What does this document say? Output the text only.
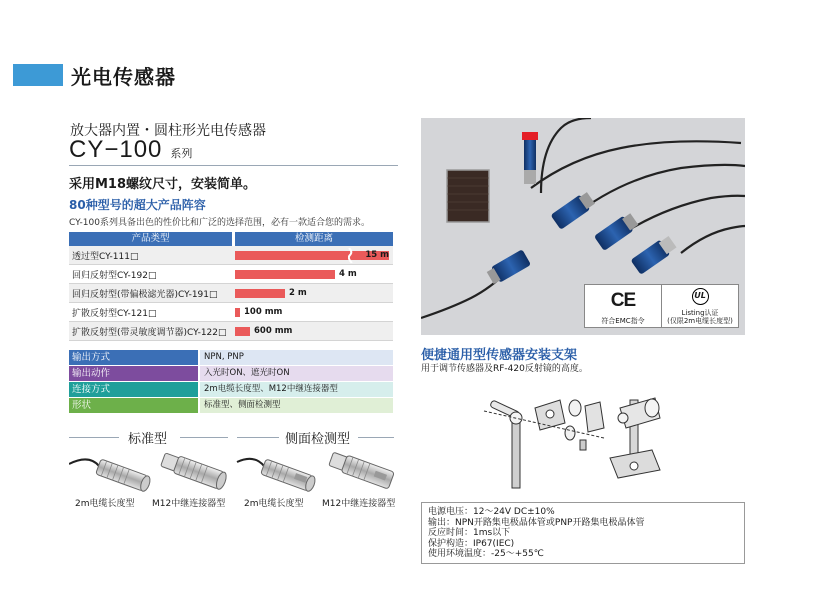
光电传感器
放大器内置・圆柱形光电传感器
CY−100 系列
采用M18螺纹尺寸，安装简单。
80种型号的超大产品阵容
CY-100系列具备出色的性价比和广泛的选择范围，必有一款适合您的需求。
产品类型	检测距离
透过型CY-111□	15 m
回归反射型CY-192□	4 m
回归反射型(带偏极滤光器)CY-191□	2 m
扩散反射型CY-121□	100 mm
扩散反射型(带灵敏度调节器)CY-122□	600 mm
输出方式	NPN, PNP
输出动作	入光时ON、遮光时ON
连接方式	2m电缆长度型、M12中继连接器型
形状	标准型、侧面检测型
标准型	侧面检测型
2m电缆长度型 M12中继连接器型 2m电缆长度型 M12中继连接器型
CE
符合EMC指令
UL
Listing认证
(仅限2m电缆长度型)
便捷通用型传感器安装支架
用于调节传感器及RF-420反射镜的高度。
电源电压：12～24V DC±10%
输出：NPN开路集电极晶体管或PNP开路集电极晶体管
反应时间：1ms以下
保护构造：IP67(IEC)
使用环境温度：-25～+55℃
